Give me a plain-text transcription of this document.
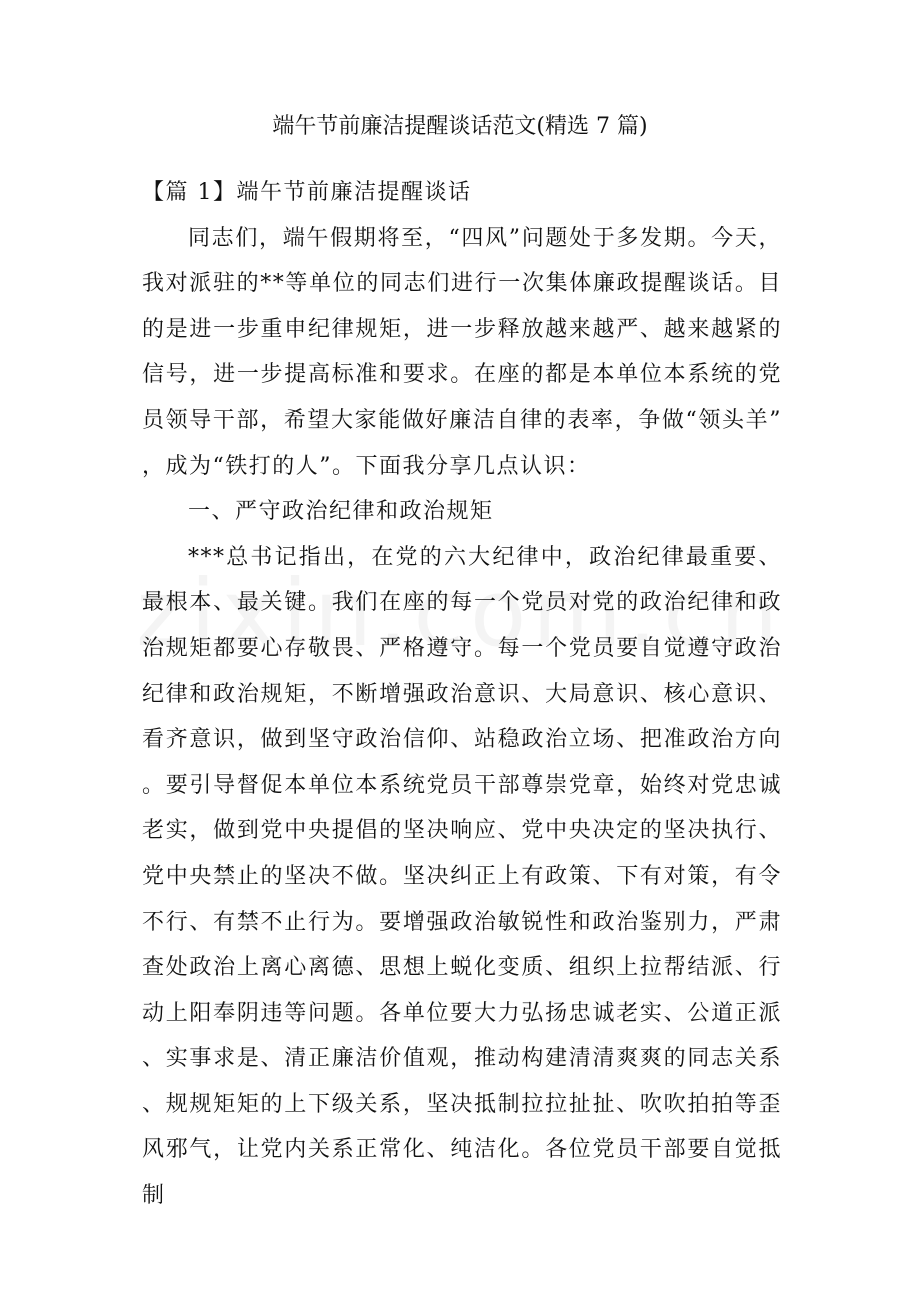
端午节前廉洁提醒谈话范文(精选 7 篇)

【篇 1】端午节前廉洁提醒谈话

同志们，端午假期将至，“四风”问题处于多发期。今天，我对派驻的**等单位的同志们进行一次集体廉政提醒谈话。目的是进一步重申纪律规矩，进一步释放越来越严、越来越紧的信号，进一步提高标准和要求。在座的都是本单位本系统的党员领导干部，希望大家能做好廉洁自律的表率，争做“领头羊”，成为“铁打的人”。下面我分享几点认识：

一、严守政治纪律和政治规矩

***总书记指出，在党的六大纪律中，政治纪律最重要、最根本、最关键。我们在座的每一个党员对党的政治纪律和政治规矩都要心存敬畏、严格遵守。每一个党员要自觉遵守政治纪律和政治规矩，不断增强政治意识、大局意识、核心意识、看齐意识，做到坚守政治信仰、站稳政治立场、把准政治方向。要引导督促本单位本系统党员干部尊崇党章，始终对党忠诚老实，做到党中央提倡的坚决响应、党中央决定的坚决执行、党中央禁止的坚决不做。坚决纠正上有政策、下有对策，有令不行、有禁不止行为。要增强政治敏锐性和政治鉴别力，严肃查处政治上离心离德、思想上蜕化变质、组织上拉帮结派、行动上阳奉阴违等问题。各单位要大力弘扬忠诚老实、公道正派、实事求是、清正廉洁价值观，推动构建清清爽爽的同志关系、规规矩矩的上下级关系，坚决抵制拉拉扯扯、吹吹拍拍等歪风邪气，让党内关系正常化、纯洁化。各位党员干部要自觉抵制
